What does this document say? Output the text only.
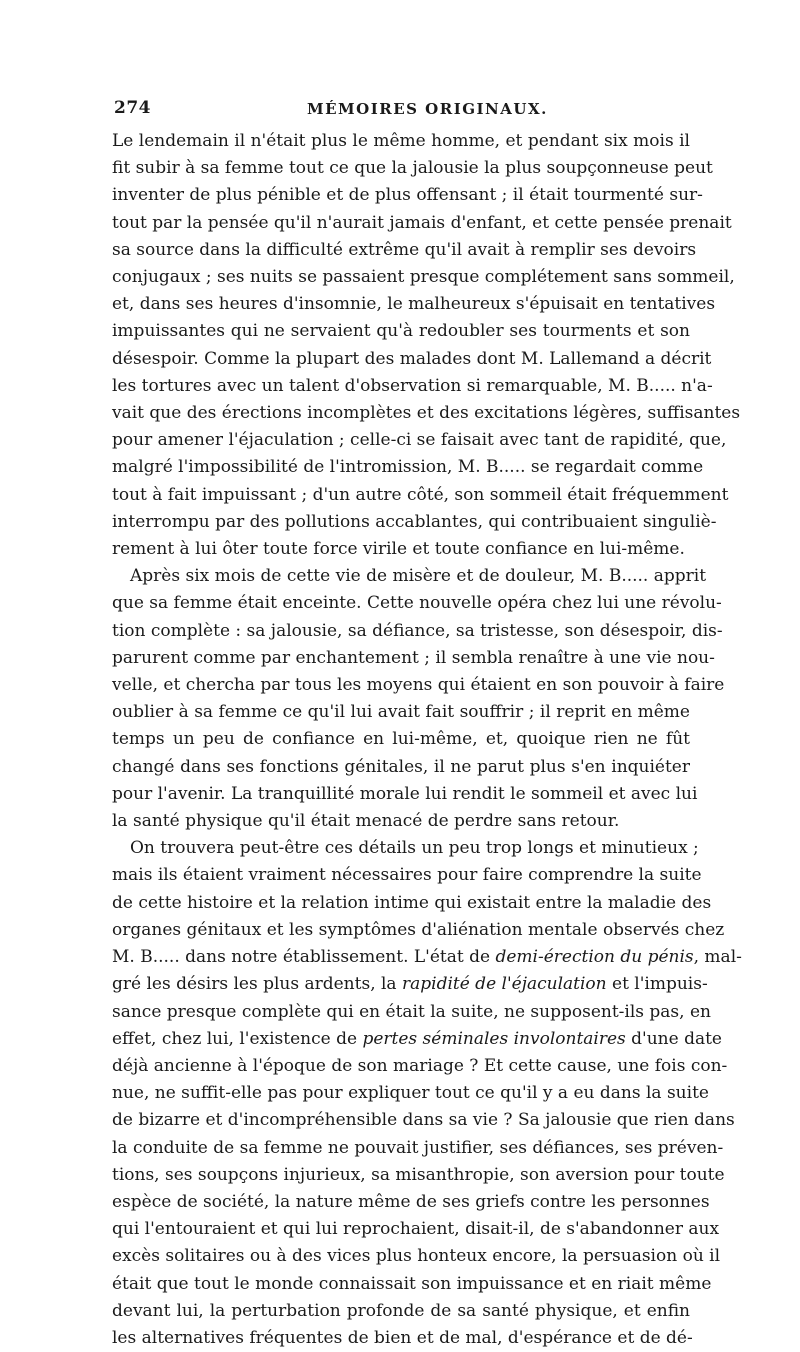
274	MÉMOIRES ORIGINAUX.
Le lendemain il n'était plus le même homme, et pendant six mois il
fit subir à sa femme tout ce que la jalousie la plus soupçonneuse peut
inventer de plus pénible et de plus offensant ; il était tourmenté sur-
tout par la pensée qu'il n'aurait jamais d'enfant, et cette pensée prenait
sa source dans la difficulté extrême qu'il avait à remplir ses devoirs
conjugaux ; ses nuits se passaient presque complétement sans sommeil,
et, dans ses heures d'insomnie, le malheureux s'épuisait en tentatives
impuissantes qui ne servaient qu'à redoubler ses tourments et son
désespoir. Comme la plupart des malades dont M. Lallemand a décrit
les tortures avec un talent d'observation si remarquable, M. B..... n'a-
vait que des érections incomplètes et des excitations légères, suffisantes
pour amener l'éjaculation ; celle-ci se faisait avec tant de rapidité, que,
malgré l'impossibilité de l'intromission, M. B..... se regardait comme
tout à fait impuissant ; d'un autre côté, son sommeil était fréquemment
interrompu par des pollutions accablantes, qui contribuaient singuliè-
rement à lui ôter toute force virile et toute confiance en lui-même.
Après six mois de cette vie de misère et de douleur, M. B..... apprit
que sa femme était enceinte. Cette nouvelle opéra chez lui une révolu-
tion complète : sa jalousie, sa défiance, sa tristesse, son désespoir, dis-
parurent comme par enchantement ; il sembla renaître à une vie nou-
velle, et chercha par tous les moyens qui étaient en son pouvoir à faire
oublier à sa femme ce qu'il lui avait fait souffrir ; il reprit en même
temps un peu de confiance en lui-même, et, quoique rien ne fût
changé dans ses fonctions génitales, il ne parut plus s'en inquiéter
pour l'avenir. La tranquillité morale lui rendit le sommeil et avec lui
la santé physique qu'il était menacé de perdre sans retour.
On trouvera peut-être ces détails un peu trop longs et minutieux ;
mais ils étaient vraiment nécessaires pour faire comprendre la suite
de cette histoire et la relation intime qui existait entre la maladie des
organes génitaux et les symptômes d'aliénation mentale observés chez
M. B..... dans notre établissement. L'état de demi-érection du pénis, mal-
gré les désirs les plus ardents, la rapidité de l'éjaculation et l'impuis-
sance presque complète qui en était la suite, ne supposent-ils pas, en
effet, chez lui, l'existence de pertes séminales involontaires d'une date
déjà ancienne à l'époque de son mariage ? Et cette cause, une fois con-
nue, ne suffit-elle pas pour expliquer tout ce qu'il y a eu dans la suite
de bizarre et d'incompréhensible dans sa vie ? Sa jalousie que rien dans
la conduite de sa femme ne pouvait justifier, ses défiances, ses préven-
tions, ses soupçons injurieux, sa misanthropie, son aversion pour toute
espèce de société, la nature même de ses griefs contre les personnes
qui l'entouraient et qui lui reprochaient, disait-il, de s'abandonner aux
excès solitaires ou à des vices plus honteux encore, la persuasion où il
était que tout le monde connaissait son impuissance et en riait même
devant lui, la perturbation profonde de sa santé physique, et enfin
les alternatives fréquentes de bien et de mal, d'espérance et de dé-
